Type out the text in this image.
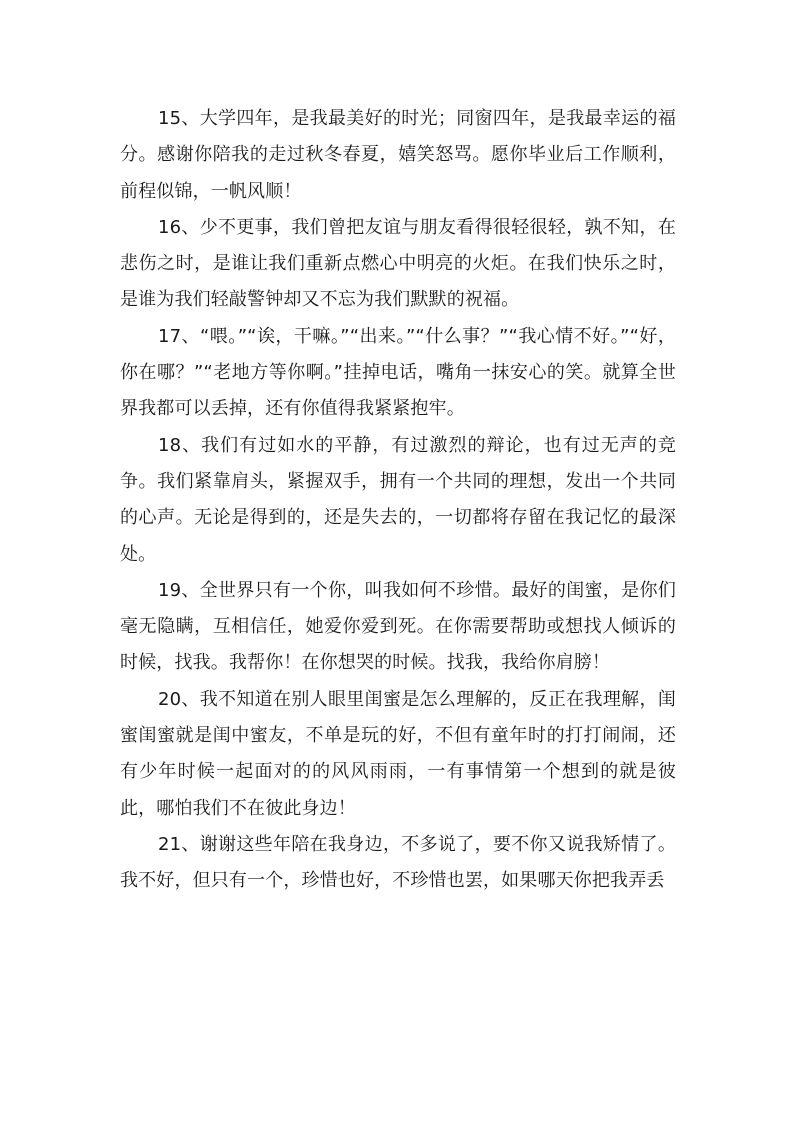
15、大学四年，是我最美好的时光；同窗四年，是我最幸运的福分。感谢你陪我的走过秋冬春夏，嬉笑怒骂。愿你毕业后工作顺利，前程似锦，一帆风顺！

16、少不更事，我们曾把友谊与朋友看得很轻很轻，孰不知，在悲伤之时，是谁让我们重新点燃心中明亮的火炬。在我们快乐之时，是谁为我们轻敲警钟却又不忘为我们默默的祝福。

17、“喂。”“诶，干嘛。”“出来。”“什么事？”“我心情不好。”“好，你在哪？”“老地方等你啊。”挂掉电话，嘴角一抹安心的笑。就算全世界我都可以丢掉，还有你值得我紧紧抱牢。

18、我们有过如水的平静，有过激烈的辩论，也有过无声的竞争。我们紧靠肩头，紧握双手，拥有一个共同的理想，发出一个共同的心声。无论是得到的，还是失去的，一切都将存留在我记忆的最深处。

19、全世界只有一个你，叫我如何不珍惜。最好的闺蜜，是你们毫无隐瞒，互相信任，她爱你爱到死。在你需要帮助或想找人倾诉的时候，找我。我帮你！在你想哭的时候。找我，我给你肩膀！

20、我不知道在别人眼里闺蜜是怎么理解的，反正在我理解，闺蜜闺蜜就是闺中蜜友，不单是玩的好，不但有童年时的打打闹闹，还有少年时候一起面对的的风风雨雨，一有事情第一个想到的就是彼此，哪怕我们不在彼此身边！

21、谢谢这些年陪在我身边，不多说了，要不你又说我矫情了。我不好，但只有一个，珍惜也好，不珍惜也罢，如果哪天你把我弄丢
